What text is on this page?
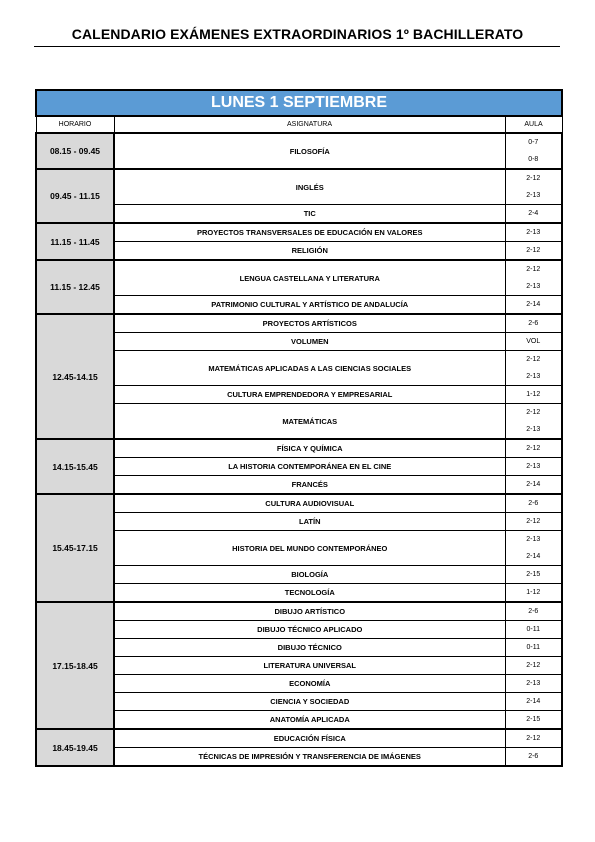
CALENDARIO EXÁMENES EXTRAORDINARIOS 1º BACHILLERATO
LUNES 1 SEPTIEMBRE		
HORARIO	ASIGNATURA	AULA
08.15 - 09.45	FILOSOFÍA	0-7
0-8

09.45 - 11.15	INGLÉS	2-12
2-13

	TIC	2-4

11.15 - 11.45	PROYECTOS TRANSVERSALES DE EDUCACIÓN EN VALORES	2-13

	RELIGIÓN	2-12

11.15 - 12.45	LENGUA CASTELLANA Y LITERATURA	2-12
2-13

	PATRIMONIO CULTURAL Y ARTÍSTICO DE ANDALUCÍA	2-14

12.45-14.15	PROYECTOS ARTÍSTICOS	2-6

	VOLUMEN	VOL

	MATEMÁTICAS APLICADAS A LAS CIENCIAS SOCIALES	2-12
2-13

	CULTURA EMPRENDEDORA Y EMPRESARIAL	1-12

	MATEMÁTICAS	2-12
2-13

14.15-15.45	FÍSICA Y QUÍMICA	2-12

	LA HISTORIA CONTEMPORÁNEA EN EL CINE	2-13

	FRANCÉS	2-14

15.45-17.15	CULTURA AUDIOVISUAL	2-6

	LATÍN	2-12

	HISTORIA DEL MUNDO CONTEMPORÁNEO	2-13
2-14

	BIOLOGÍA	2-15

	TECNOLOGÍA	1-12

17.15-18.45	DIBUJO ARTÍSTICO	2-6

	DIBUJO TÉCNICO APLICADO	0-11

	DIBUJO TÉCNICO	0-11

	LITERATURA UNIVERSAL	2-12

	ECONOMÍA	2-13

	CIENCIA Y SOCIEDAD	2-14

	ANATOMÍA APLICADA	2-15

18.45-19.45	EDUCACIÓN FÍSICA	2-12

	TÉCNICAS DE IMPRESIÓN Y TRANSFERENCIA DE IMÁGENES	2-6
